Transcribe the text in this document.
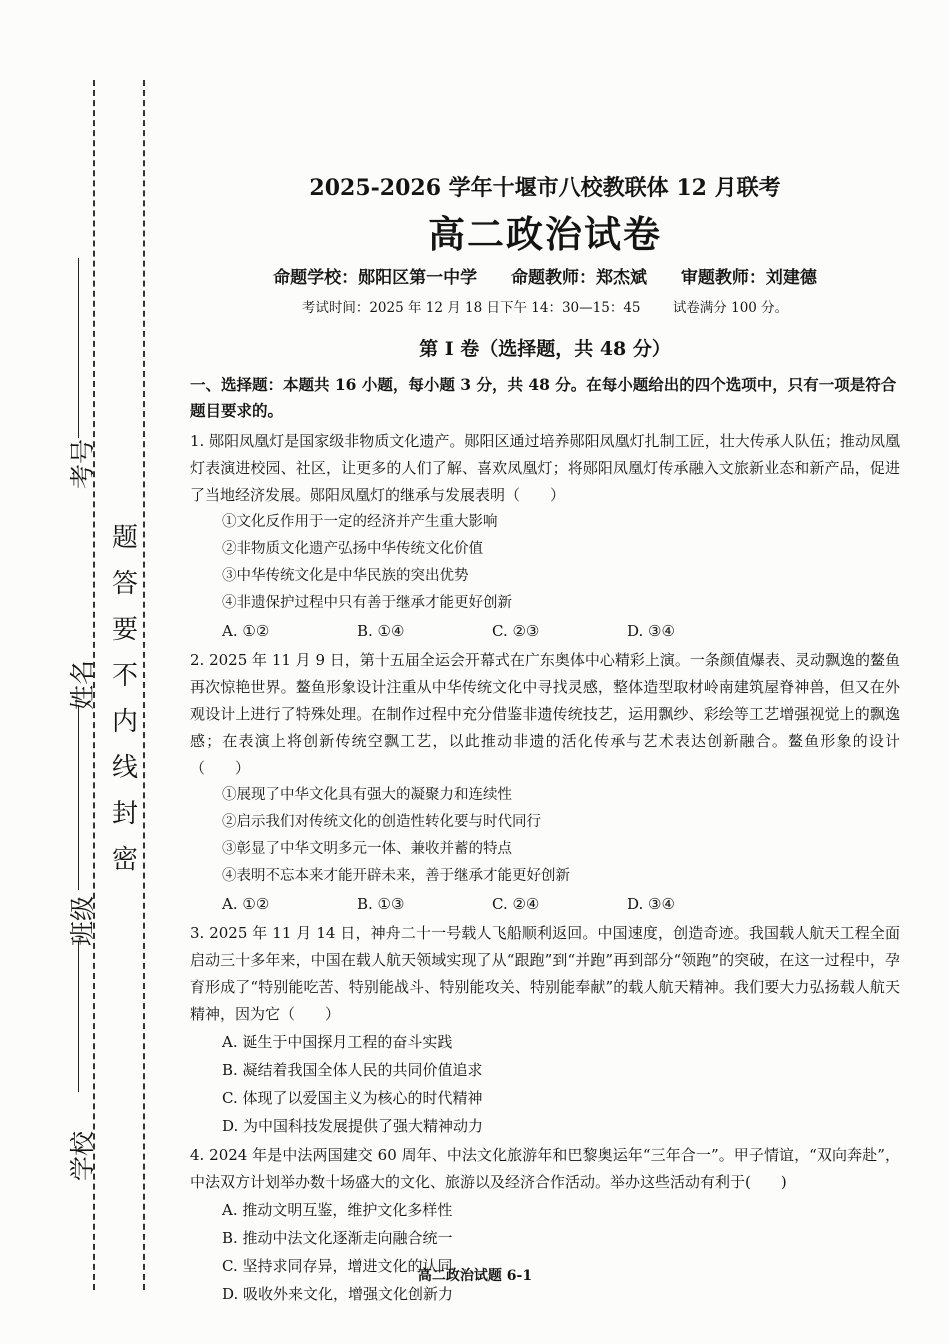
考号
姓名
班级
学校
题
答
要
不
内
线
封
密
2025-2026 学年十堰市八校教联体 12 月联考
高二政治试卷
命题学校：郧阳区第一中学 命题教师：郑杰斌 审题教师：刘建德
考试时间：2025 年 12 月 18 日下午 14：30—15：45 试卷满分 100 分。
第 I 卷（选择题，共 48 分）
一、选择题：本题共 16 小题，每小题 3 分，共 48 分。在每小题给出的四个选项中，只有一项是符合题目要求的。
1. 郧阳凤凰灯是国家级非物质文化遗产。郧阳区通过培养郧阳凤凰灯扎制工匠，壮大传承人队伍；推动凤凰灯表演进校园、社区，让更多的人们了解、喜欢凤凰灯；将郧阳凤凰灯传承融入文旅新业态和新产品，促进了当地经济发展。郧阳凤凰灯的继承与发展表明（　　）
①文化反作用于一定的经济并产生重大影响
②非物质文化遗产弘扬中华传统文化价值
③中华传统文化是中华民族的突出优势
④非遗保护过程中只有善于继承才能更好创新
A. ①②	B. ①④	C. ②③	D. ③④
2. 2025 年 11 月 9 日，第十五届全运会开幕式在广东奥体中心精彩上演。一条颜值爆表、灵动飘逸的鳌鱼再次惊艳世界。鳌鱼形象设计注重从中华传统文化中寻找灵感，整体造型取材岭南建筑屋脊神兽，但又在外观设计上进行了特殊处理。在制作过程中充分借鉴非遗传统技艺，运用飘纱、彩绘等工艺增强视觉上的飘逸感；在表演上将创新传统空飘工艺，以此推动非遗的活化传承与艺术表达创新融合。鳌鱼形象的设计（　　）
①展现了中华文化具有强大的凝聚力和连续性
②启示我们对传统文化的创造性转化要与时代同行
③彰显了中华文明多元一体、兼收并蓄的特点
④表明不忘本来才能开辟未来，善于继承才能更好创新
A. ①②	B. ①③	C. ②④	D. ③④
3. 2025 年 11 月 14 日，神舟二十一号载人飞船顺利返回。中国速度，创造奇迹。我国载人航天工程全面启动三十多年来，中国在载人航天领域实现了从“跟跑”到“并跑”再到部分“领跑”的突破，在这一过程中，孕育形成了“特别能吃苦、特别能战斗、特别能攻关、特别能奉献”的载人航天精神。我们要大力弘扬载人航天精神，因为它（　　）
A. 诞生于中国探月工程的奋斗实践
B. 凝结着我国全体人民的共同价值追求
C. 体现了以爱国主义为核心的时代精神
D. 为中国科技发展提供了强大精神动力
4. 2024 年是中法两国建交 60 周年、中法文化旅游年和巴黎奥运年“三年合一”。甲子情谊，“双向奔赴”，中法双方计划举办数十场盛大的文化、旅游以及经济合作活动。举办这些活动有利于(　　)
A. 推动文明互鉴，维护文化多样性
B. 推动中法文化逐渐走向融合统一
C. 坚持求同存异，增进文化的认同
D. 吸收外来文化，增强文化创新力
高二政治试题 6-1
